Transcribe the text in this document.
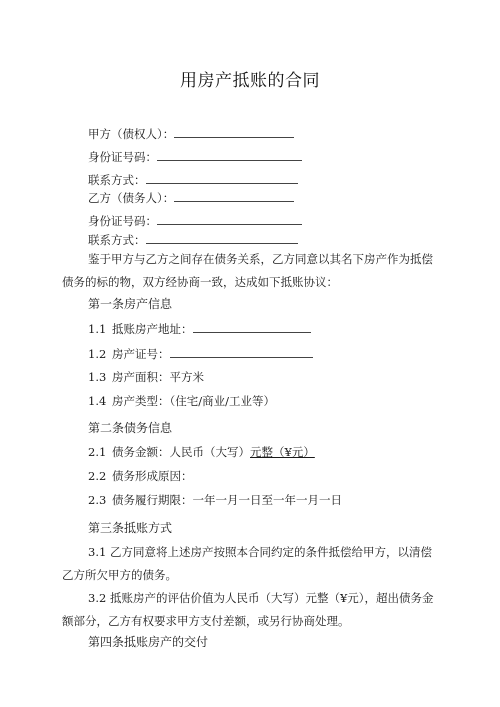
用房产抵账的合同
甲方（债权人）：
身份证号码：
联系方式：
乙方（债务人）：
身份证号码：
联系方式：
鉴于甲方与乙方之间存在债务关系，乙方同意以其名下房产作为抵偿债务的标的物，双方经协商一致，达成如下抵账协议：
第一条房产信息
1.1 抵账房产地址：
1.2 房产证号：
1.3 房产面积：平方米
1.4 房产类型：（住宅/商业/工业等）
第二条债务信息
2.1 债务金额：人民币（大写）元整（¥元）
2.2 债务形成原因：
2.3 债务履行期限：一年一月一日至一年一月一日
第三条抵账方式
3.1 乙方同意将上述房产按照本合同约定的条件抵偿给甲方，以清偿乙方所欠甲方的债务。
3.2 抵账房产的评估价值为人民币（大写）元整（¥元），超出债务金额部分，乙方有权要求甲方支付差额，或另行协商处理。
第四条抵账房产的交付
